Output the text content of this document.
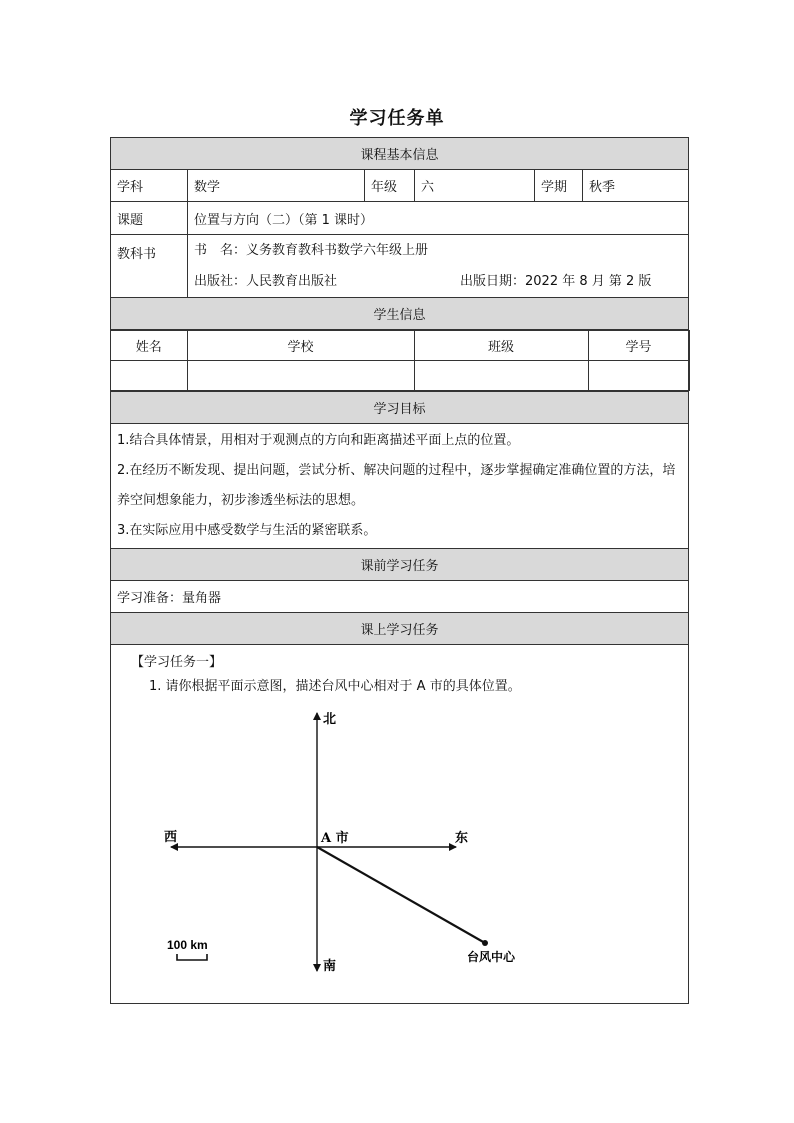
学习任务单
课程基本信息
学科	数学	年级	六	学期	秋季
课题	位置与方向（二）（第 1 课时）
教科书	书　名：义务教育教科书数学六年级上册
出版社：人民教育出版社	出版日期：2022 年 8 月 第 2 版

学生信息

姓名	学校	班级	学号

学习目标

1.结合具体情景，用相对于观测点的方向和距离描述平面上点的位置。
2.在经历不断发现、提出问题，尝试分析、解决问题的过程中，逐步掌握确定准确位置的方法，培养空间想象能力，初步渗透坐标法的思想。
3.在实际应用中感受数学与生活的紧密联系。

课前学习任务
学习准备：量角器
课上学习任务

【学习任务一】
1. 请你根据平面示意图，描述台风中心相对于 A 市的具体位置。
北
南
东
西	A 市
台风中心
100 km
